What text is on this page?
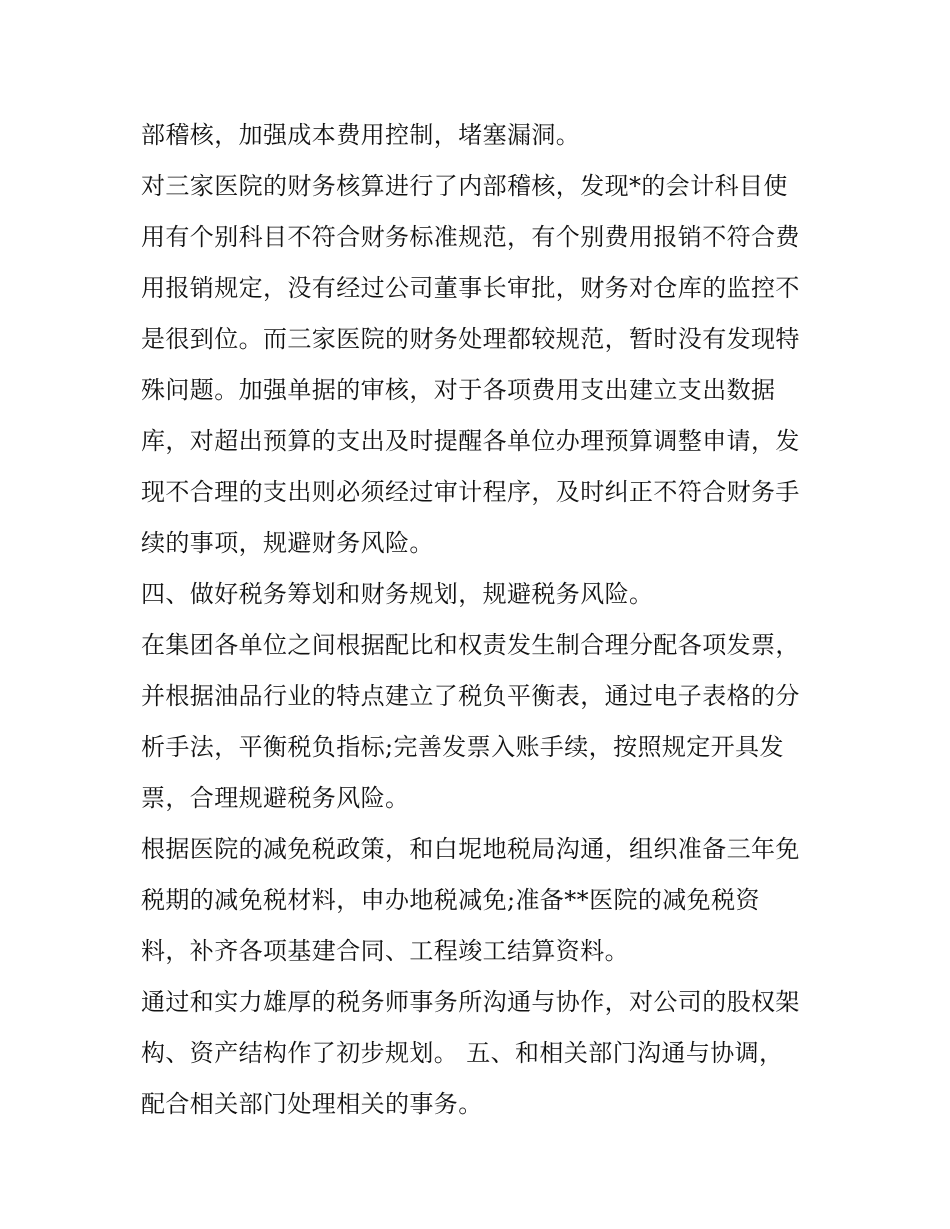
部稽核，加强成本费用控制，堵塞漏洞。
对三家医院的财务核算进行了内部稽核，发现*的会计科目使
用有个别科目不符合财务标准规范，有个别费用报销不符合费
用报销规定，没有经过公司董事长审批，财务对仓库的监控不
是很到位。而三家医院的财务处理都较规范，暂时没有发现特
殊问题。加强单据的审核，对于各项费用支出建立支出数据
库，对超出预算的支出及时提醒各单位办理预算调整申请，发
现不合理的支出则必须经过审计程序，及时纠正不符合财务手
续的事项，规避财务风险。
四、做好税务筹划和财务规划，规避税务风险。
在集团各单位之间根据配比和权责发生制合理分配各项发票，
并根据油品行业的特点建立了税负平衡表，通过电子表格的分
析手法，平衡税负指标;完善发票入账手续，按照规定开具发
票，合理规避税务风险。
根据医院的减免税政策，和白坭地税局沟通，组织准备三年免
税期的减免税材料，申办地税减免;准备**医院的减免税资
料，补齐各项基建合同、工程竣工结算资料。
通过和实力雄厚的税务师事务所沟通与协作，对公司的股权架
构、资产结构作了初步规划。 五、和相关部门沟通与协调，
配合相关部门处理相关的事务。
